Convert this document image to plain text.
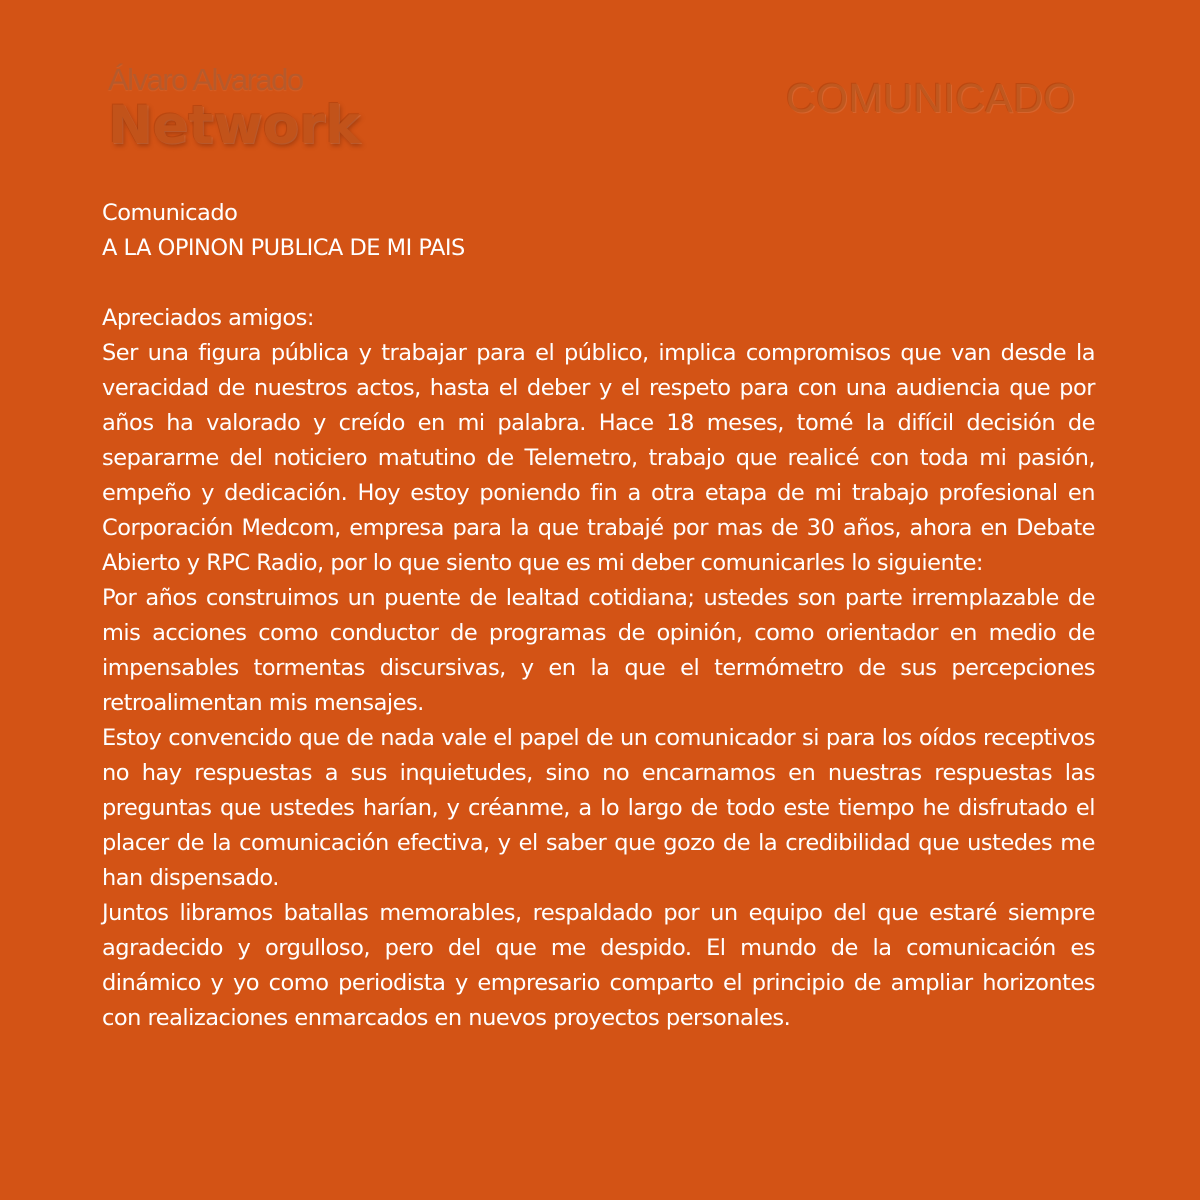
Álvaro Alvarado
Network	COMUNICADO

Comunicado

A LA OPINON PUBLICA DE MI PAIS

Apreciados amigos:

Ser una figura pública y trabajar para el público, implica compromisos que van desde la veracidad de nuestros actos, hasta el deber y el respeto para con una audiencia que por años ha valorado y creído en mi palabra. Hace 18 meses, tomé la difícil decisión de separarme del noticiero matutino de Telemetro, trabajo que realicé con toda mi pasión, empeño y dedicación. Hoy estoy poniendo fin a otra etapa de mi trabajo profesional en Corporación Medcom, empresa para la que trabajé por mas de 30 años, ahora en Debate Abierto y RPC Radio, por lo que siento que es mi deber comunicarles lo siguiente:

Por años construimos un puente de lealtad cotidiana; ustedes son parte irremplazable de mis acciones como conductor de programas de opinión, como orientador en medio de impensables tormentas discursivas, y en la que el termómetro de sus percepciones retroalimentan mis mensajes.

Estoy convencido que de nada vale el papel de un comunicador si para los oídos receptivos no hay respuestas a sus inquietudes, sino no encarnamos en nuestras respuestas las preguntas que ustedes harían, y créanme, a lo largo de todo este tiempo he disfrutado el placer de la comunicación efectiva, y el saber que gozo de la credibilidad que ustedes me han dispensado.

Juntos libramos batallas memorables, respaldado por un equipo del que estaré siempre agradecido y orgulloso, pero del que me despido. El mundo de la comunicación es dinámico y yo como periodista y empresario comparto el principio de ampliar horizontes con realizaciones enmarcados en nuevos proyectos personales.
